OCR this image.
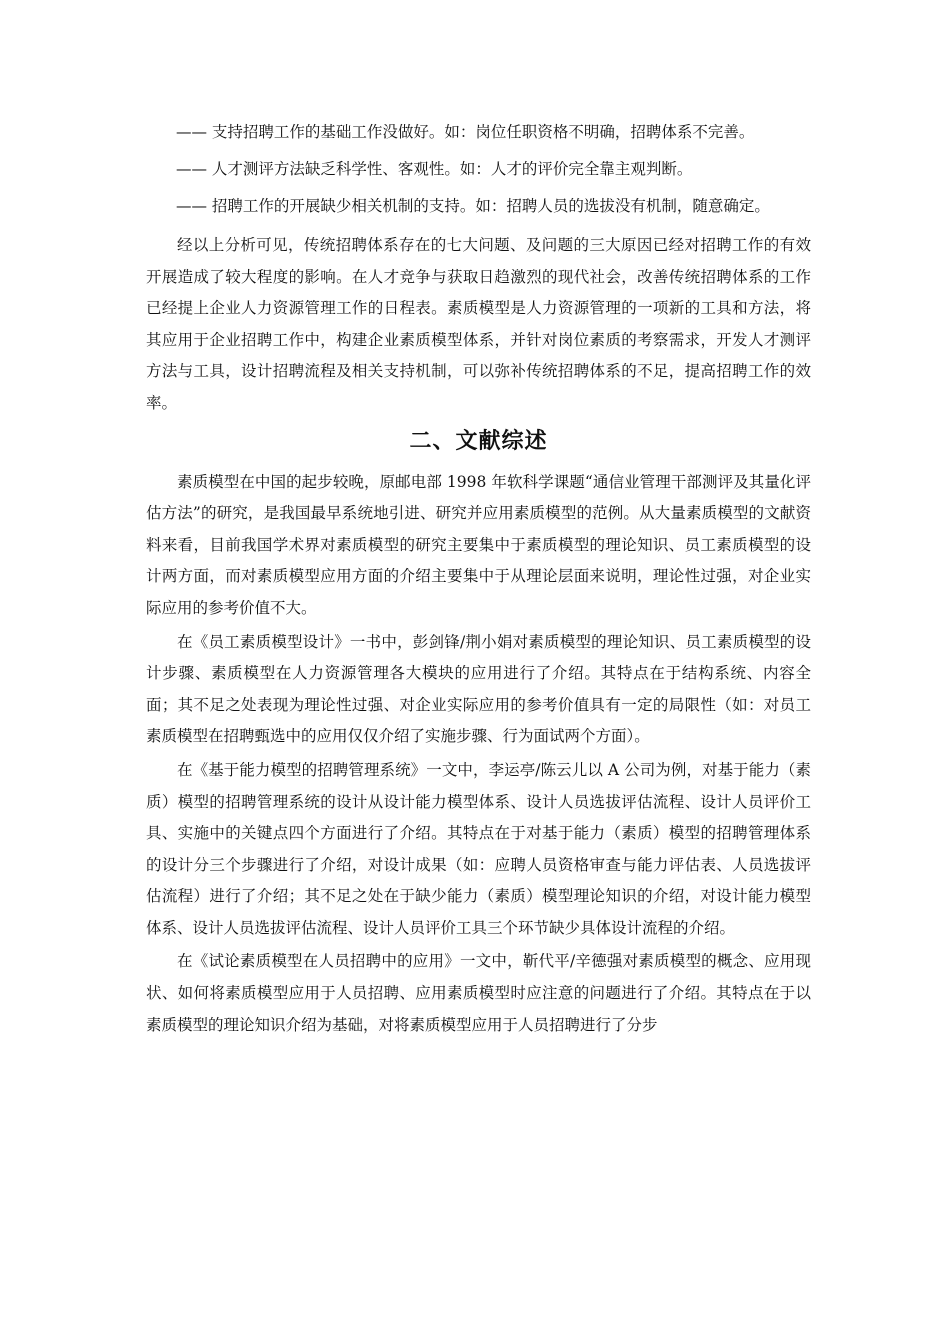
—— 支持招聘工作的基础工作没做好。如：岗位任职资格不明确，招聘体系不完善。

—— 人才测评方法缺乏科学性、客观性。如：人才的评价完全靠主观判断。

—— 招聘工作的开展缺少相关机制的支持。如：招聘人员的选拔没有机制，随意确定。

经以上分析可见，传统招聘体系存在的七大问题、及问题的三大原因已经对招聘工作的有效开展造成了较大程度的影响。在人才竞争与获取日趋激烈的现代社会，改善传统招聘体系的工作已经提上企业人力资源管理工作的日程表。素质模型是人力资源管理的一项新的工具和方法，将其应用于企业招聘工作中，构建企业素质模型体系，并针对岗位素质的考察需求，开发人才测评方法与工具，设计招聘流程及相关支持机制，可以弥补传统招聘体系的不足，提高招聘工作的效率。

二、文献综述

素质模型在中国的起步较晚，原邮电部 1998 年软科学课题“通信业管理干部测评及其量化评估方法”的研究，是我国最早系统地引进、研究并应用素质模型的范例。从大量素质模型的文献资料来看，目前我国学术界对素质模型的研究主要集中于素质模型的理论知识、员工素质模型的设计两方面，而对素质模型应用方面的介绍主要集中于从理论层面来说明，理论性过强，对企业实际应用的参考价值不大。

在《员工素质模型设计》一书中，彭剑锋/荆小娟对素质模型的理论知识、员工素质模型的设计步骤、素质模型在人力资源管理各大模块的应用进行了介绍。其特点在于结构系统、内容全面；其不足之处表现为理论性过强、对企业实际应用的参考价值具有一定的局限性（如：对员工素质模型在招聘甄选中的应用仅仅介绍了实施步骤、行为面试两个方面）。

在《基于能力模型的招聘管理系统》一文中，李运亭/陈云儿以 A 公司为例，对基于能力（素质）模型的招聘管理系统的设计从设计能力模型体系、设计人员选拔评估流程、设计人员评价工具、实施中的关键点四个方面进行了介绍。其特点在于对基于能力（素质）模型的招聘管理体系的设计分三个步骤进行了介绍，对设计成果（如：应聘人员资格审查与能力评估表、人员选拔评估流程）进行了介绍；其不足之处在于缺少能力（素质）模型理论知识的介绍，对设计能力模型体系、设计人员选拔评估流程、设计人员评价工具三个环节缺少具体设计流程的介绍。

在《试论素质模型在人员招聘中的应用》一文中，靳代平/辛德强对素质模型的概念、应用现状、如何将素质模型应用于人员招聘、应用素质模型时应注意的问题进行了介绍。其特点在于以素质模型的理论知识介绍为基础，对将素质模型应用于人员招聘进行了分步
